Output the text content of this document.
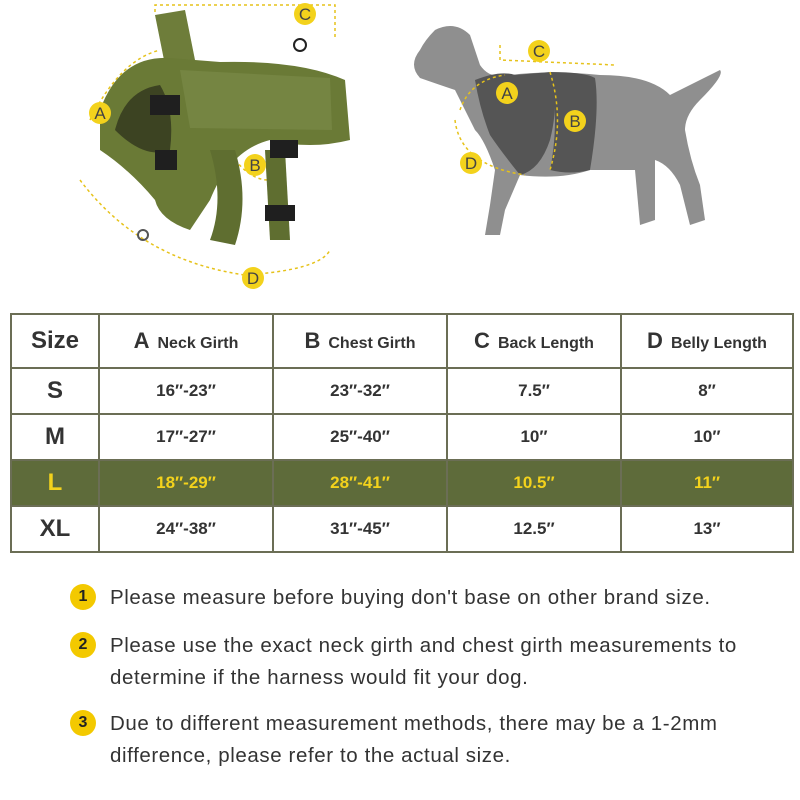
A
B
C
D
A
B
C
D
Size	A Neck Girth	B Chest Girth	C Back Length	D Belly Length
S	16″-23″	23″-32″	7.5″	8″
M	17″-27″	25″-40″	10″	10″
L	18″-29″	28″-41″	10.5″	11″
XL	24″-38″	31″-45″	12.5″	13″
1	Please measure before buying don't base on other brand size.
2	Please use the exact neck girth and chest girth measurements to determine if the harness would fit your dog.
3	Due to different measurement methods, there may be a 1-2mm difference, please refer to the actual size.
